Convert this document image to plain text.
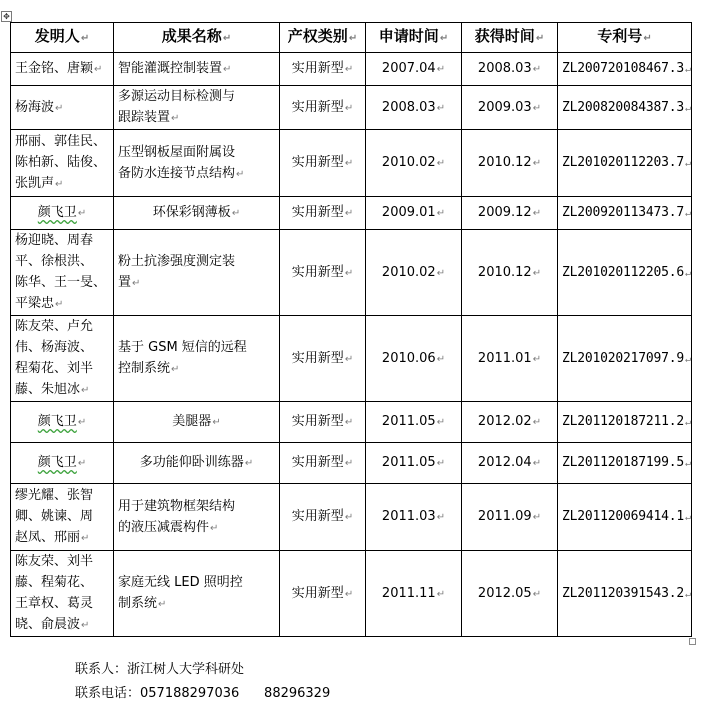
✥
发明人↵	成果名称↵	产权类别↵	申请时间↵	获得时间↵	专利号↵
王金铭、唐颖↵	智能灌溉控制装置↵	实用新型↵	2007.04↵	2008.03↵	ZL200720108467.3↵
杨海波↵	多源运动目标检测与
跟踪装置↵	实用新型↵	2008.03↵	2009.03↵	ZL200820084387.3↵
邢丽、郭佳民、
陈柏新、陆俊、
张凯声↵	压型钢板屋面附属设
备防水连接节点结构↵	实用新型↵	2010.02↵	2010.12↵	ZL201020112203.7↵
颜飞卫↵	环保彩钢薄板↵	实用新型↵	2009.01↵	2009.12↵	ZL200920113473.7↵
杨迎晓、周春
平、徐根洪、
陈华、王一旻、
平梁忠↵	粉土抗渗强度测定装
置↵	实用新型↵	2010.02↵	2010.12↵	ZL201020112205.6↵
陈友荣、卢允
伟、杨海波、
程菊花、刘半
藤、朱旭冰↵	基于 GSM 短信的远程
控制系统↵	实用新型↵	2010.06↵	2011.01↵	ZL201020217097.9↵
颜飞卫↵	美腿器↵	实用新型↵	2011.05↵	2012.02↵	ZL201120187211.2↵
颜飞卫↵	多功能仰卧训练器↵	实用新型↵	2011.05↵	2012.04↵	ZL201120187199.5↵
缪光耀、张智
卿、姚谏、周
赵凤、邢丽↵	用于建筑物框架结构
的液压减震构件↵	实用新型↵	2011.03↵	2011.09↵	ZL201120069414.1↵
陈友荣、刘半
藤、程菊花、
王章权、葛灵
晓、俞晨波↵	家庭无线 LED 照明控
制系统↵	实用新型↵	2011.11↵	2012.05↵	ZL201120391543.2↵
联系人：浙江树人大学科研处
联系电话：057188297036      88296329
